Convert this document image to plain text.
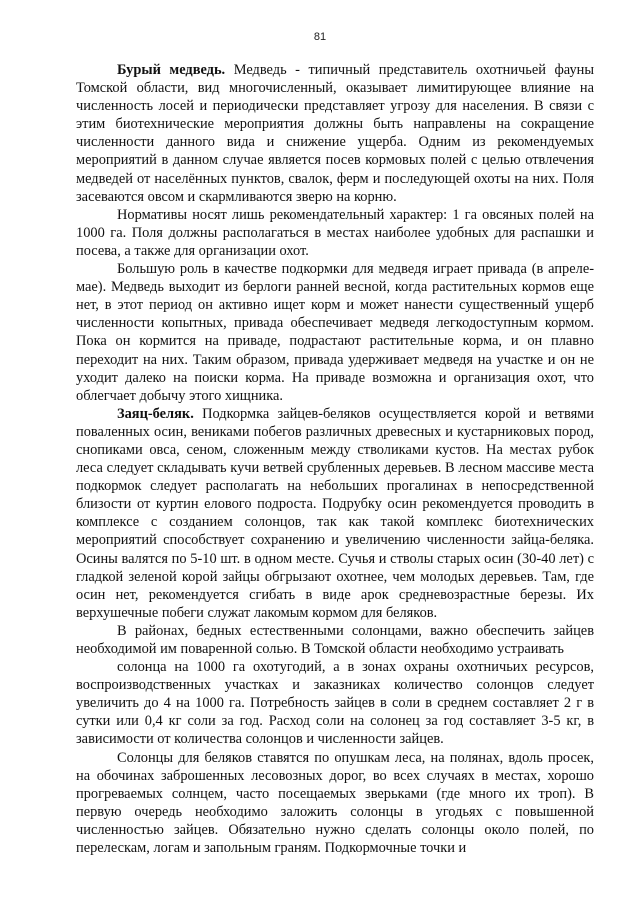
81

Бурый медведь. Медведь - типичный представитель охотничьей фауны Томской области, вид многочисленный, оказывает лимитирующее влияние на численность лосей и периодически представляет угрозу для населения. В связи с этим биотехнические мероприятия должны быть направлены на сокращение численности данного вида и снижение ущерба. Одним из рекомендуемых мероприятий в данном случае является посев кормовых полей с целью отвлечения медведей от населённых пунктов, свалок, ферм и последующей охоты на них. Поля засеваются овсом и скармливаются зверю на корню.

Нормативы носят лишь рекомендательный характер: 1 га овсяных полей на 1000 га. Поля должны располагаться в местах наиболее удобных для распашки и посева, а также для организации охот.

Большую роль в качестве подкормки для медведя играет привада (в апреле-мае). Медведь выходит из берлоги ранней весной, когда растительных кормов еще нет, в этот период он активно ищет корм и может нанести существенный ущерб численности копытных, привада обеспечивает медведя легкодоступным кормом. Пока он кормится на приваде, подрастают растительные корма, и он плавно переходит на них. Таким образом, привада удерживает медведя на участке и он не уходит далеко на поиски корма. На приваде возможна и организация охот, что облегчает добычу этого хищника.

Заяц-беляк. Подкормка зайцев-беляков осуществляется корой и ветвями поваленных осин, вениками побегов различных древесных и кустарниковых пород, снопиками овса, сеном, сложенным между стволиками кустов. На местах рубок леса следует складывать кучи ветвей срубленных деревьев. В лесном массиве места подкормок следует располагать на небольших прогалинах в непосредственной близости от куртин елового подроста. Подрубку осин рекомендуется проводить в комплексе с созданием солонцов, так как такой комплекс биотехнических мероприятий способствует сохранению и увеличению численности зайца-беляка. Осины валятся по 5-10 шт. в одном месте. Сучья и стволы старых осин (30-40 лет) с гладкой зеленой корой зайцы обгрызают охотнее, чем молодых деревьев. Там, где осин нет, рекомендуется сгибать в виде арок средневозрастные березы. Их верхушечные побеги служат лакомым кормом для беляков.

В районах, бедных естественными солонцами, важно обеспечить зайцев необходимой им поваренной солью. В Томской области необходимо устраивать

солонца на 1000 га охотугодий, а в зонах охраны охотничьих ресурсов, воспроизводственных участках и заказниках количество солонцов следует увеличить до 4 на 1000 га. Потребность зайцев в соли в среднем составляет 2 г в сутки или 0,4 кг соли за год. Расход соли на солонец за год составляет 3-5 кг, в зависимости от количества солонцов и численности зайцев.

Солонцы для беляков ставятся по опушкам леса, на полянах, вдоль просек, на обочинах заброшенных лесовозных дорог, во всех случаях в местах, хорошо прогреваемых солнцем, часто посещаемых зверьками (где много их троп). В первую очередь необходимо заложить солонцы в угодьях с повышенной численностью зайцев. Обязательно нужно сделать солонцы около полей, по перелескам, логам и запольным граням. Подкормочные точки и
